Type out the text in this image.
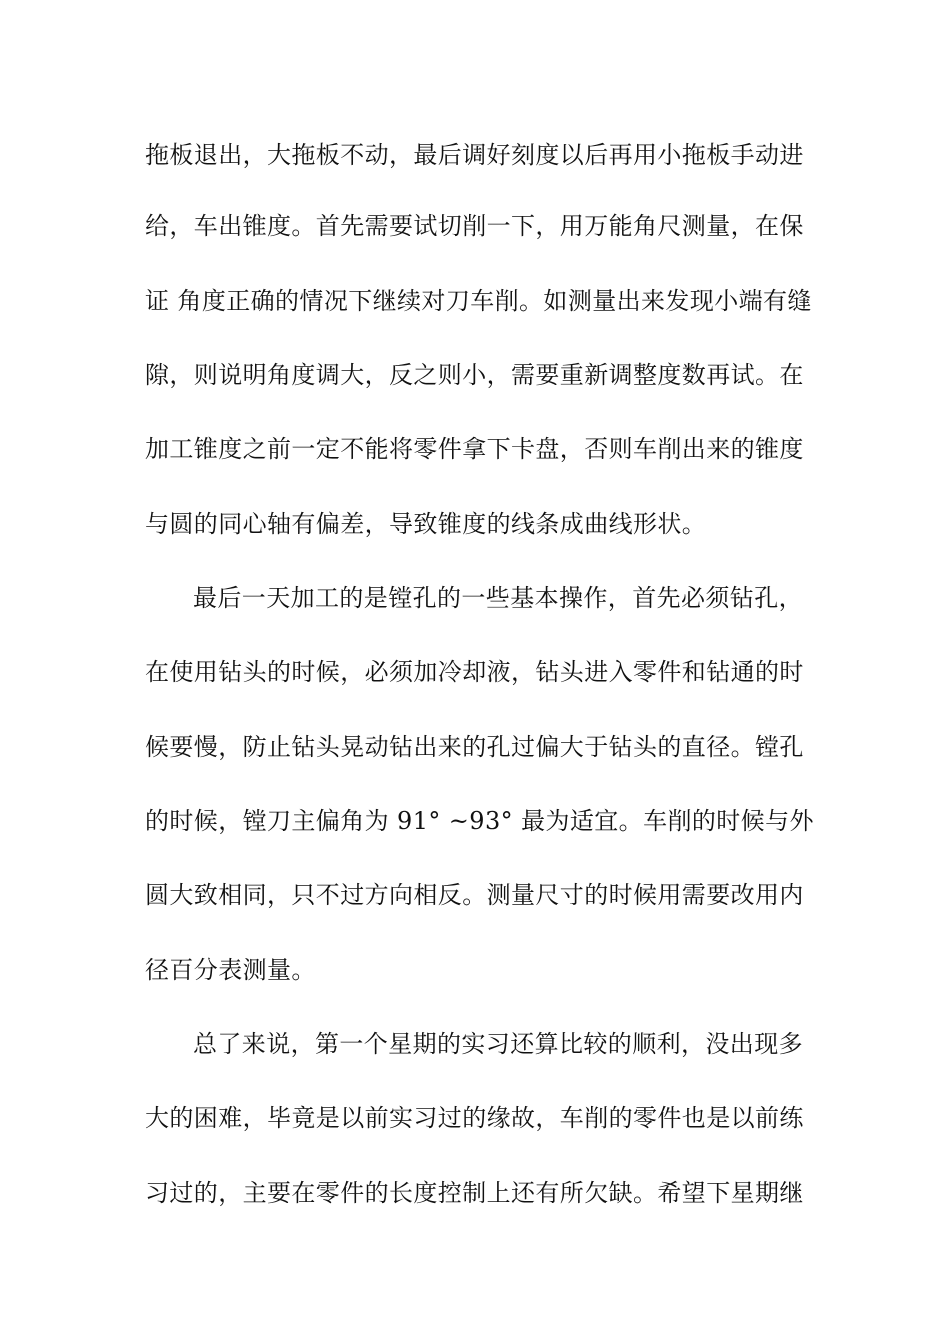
拖板退出，大拖板不动，最后调好刻度以后再用小拖板手动进
给，车出锥度。首先需要试切削一下，用万能角尺测量，在保
证 角度正确的情况下继续对刀车削。如测量出来发现小端有缝
隙，则说明角度调大，反之则小，需要重新调整度数再试。在
加工锥度之前一定不能将零件拿下卡盘，否则车削出来的锥度
与圆的同心轴有偏差，导致锥度的线条成曲线形状。
最后一天加工的是镗孔的一些基本操作，首先必须钻孔，
在使用钻头的时候，必须加冷却液，钻头进入零件和钻通的时
候要慢，防止钻头晃动钻出来的孔过偏大于钻头的直径。镗孔
的时候，镗刀主偏角为 91° ~93° 最为适宜。车削的时候与外
圆大致相同，只不过方向相反。测量尺寸的时候用需要改用内
径百分表测量。
总了来说，第一个星期的实习还算比较的顺利，没出现多
大的困难，毕竟是以前实习过的缘故，车削的零件也是以前练
习过的，主要在零件的长度控制上还有所欠缺。希望下星期继
